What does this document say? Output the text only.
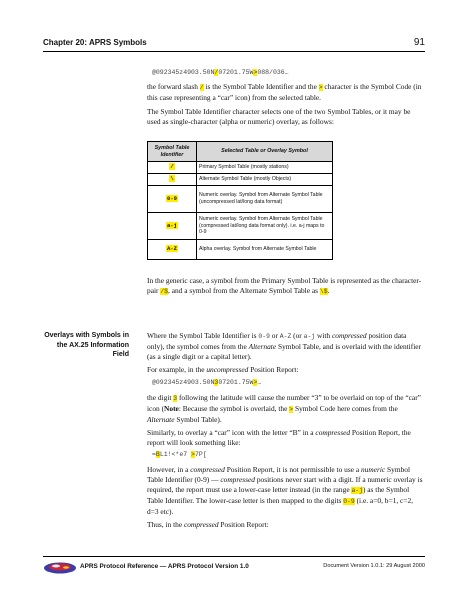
Chapter 20: APRS Symbols	91
@092345z4903.50N/07201.75W>088/036…

the forward slash / is the Symbol Table Identifier and the > character is the Symbol Code (in this case representing a “car” icon) from the selected table.

The Symbol Table Identifier character selects one of the two Symbol Tables, or it may be used as single-character (alpha or numeric) overlay, as follows:

Symbol Table Identifier	Selected Table or Overlay Symbol
/	Primary Symbol Table (mostly stations)
\	Alternate Symbol Table (mostly Objects)
0-9	Numeric overlay. Symbol from Alternate Symbol Table (uncompressed lat/long data format)
a-j	Numeric overlay. Symbol from Alternate Symbol Table (compressed lat/long data format only). i.e. a-j maps to 0-9
A-Z	Alpha overlay. Symbol from Alternate Symbol Table

In the generic case, a symbol from the Primary Symbol Table is represented as the character-pair /$, and a symbol from the Alternate Symbol Table as \$.

Overlays with Symbols in the AX.25 Information Field

Where the Symbol Table Identifier is 0-9 or A-Z (or a-j with compressed position data only), the symbol comes from the Alternate Symbol Table, and is overlaid with the identifier (as a single digit or a capital letter).

For example, in the uncompressed Position Report:

@092345z4903.50N307201.75W>…

the digit 3 following the latitude will cause the number “3” to be overlaid on top of the “car” icon (Note: Because the symbol is overlaid, the > Symbol Code here comes from the Alternate Symbol Table).

Similarly, to overlay a “car” icon with the letter “B” in a compressed Position Report, the report will look something like:

=BL1!<*e7 >7P[

However, in a compressed Position Report, it is not permissible to use a numeric Symbol Table Identifier (0-9) — compressed positions never start with a digit. If a numeric overlay is required, the report must use a lower-case letter instead (in the range a-j) as the Symbol Table Identifier. The lower-case letter is then mapped to the digits 0-9 (i.e. a=0, b=1, c=2, d=3 etc).

Thus, in the compressed Position Report:

APRS Protocol Reference — APRS Protocol Version 1.0	Document Version 1.0.1: 29 August 2000
